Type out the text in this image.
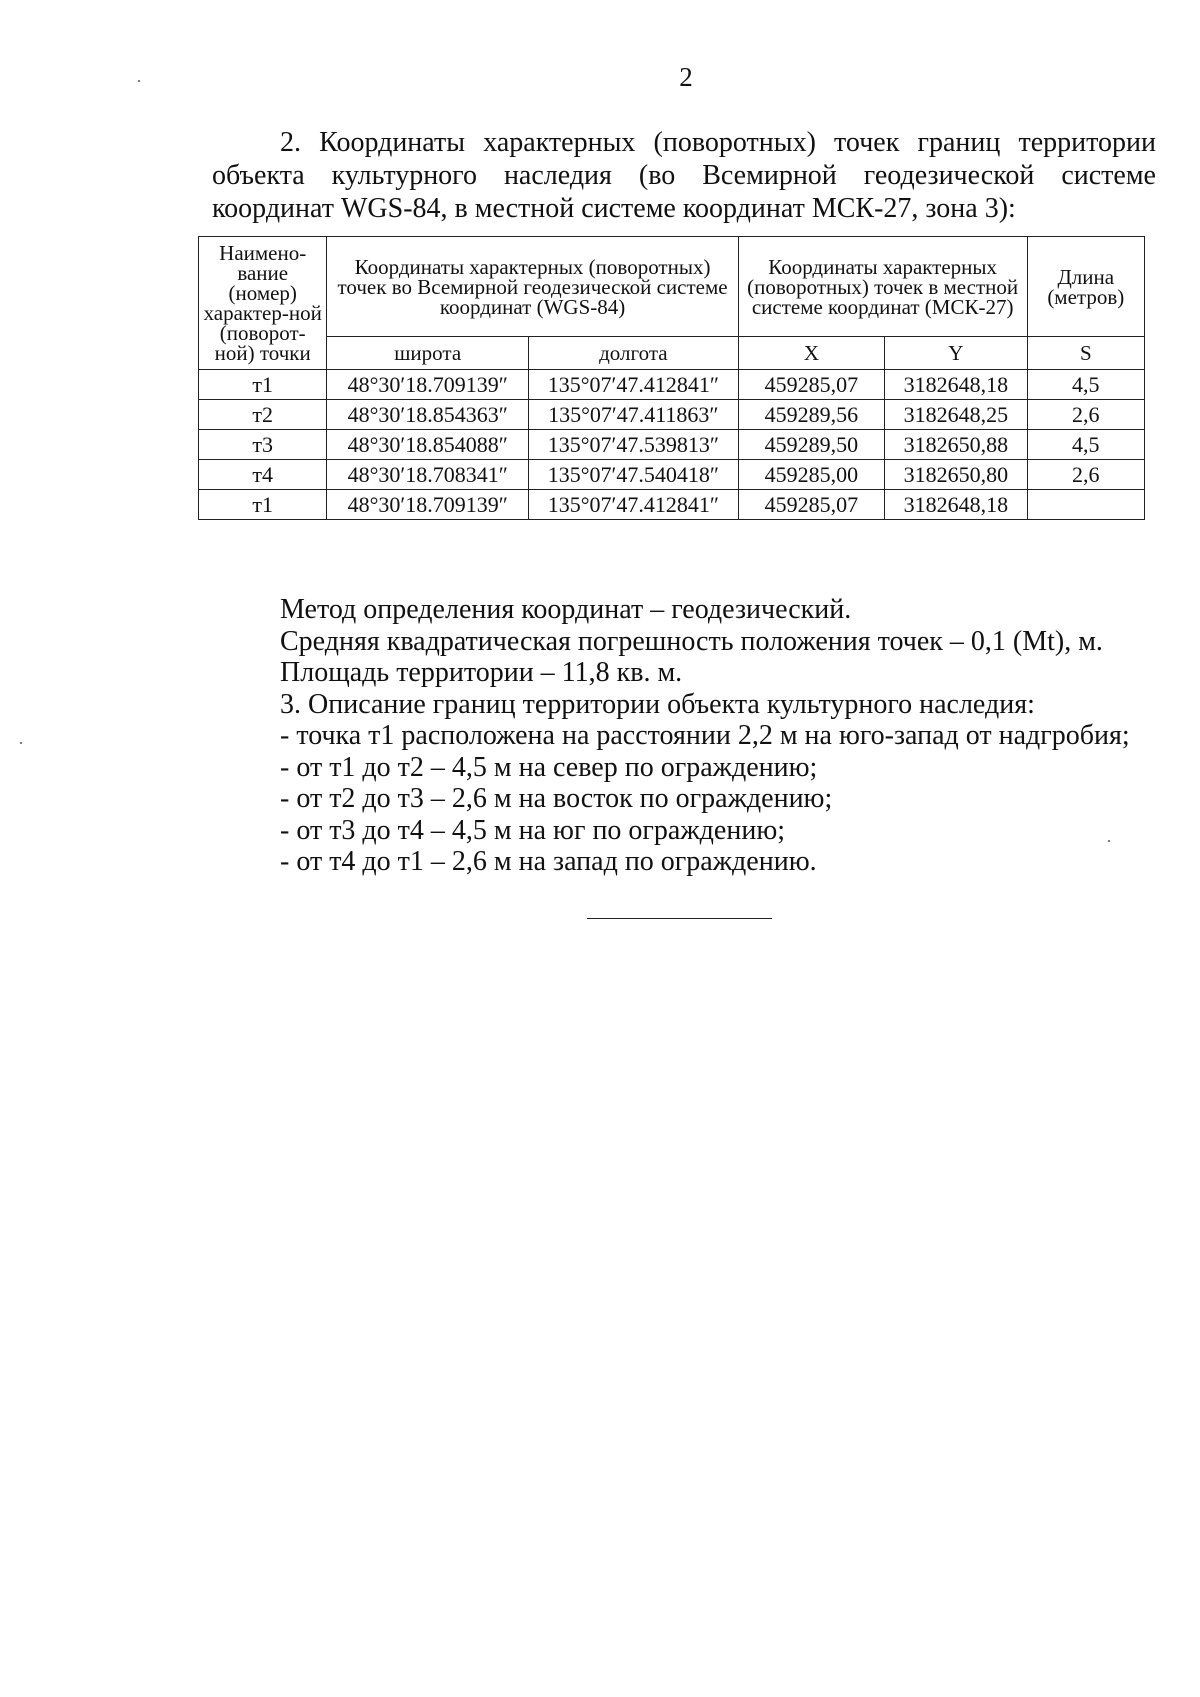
2
2. Координаты характерных (поворотных) точек границ территории объекта культурного наследия (во Всемирной геодезической системе координат WGS-84, в местной системе координат МСК-27, зона 3):
Наимено-вание (номер) характер-ной (поворот-ной) точки	Координаты характерных (поворотных) точек во Всемирной геодезической системе координат (WGS-84)		Координаты характерных (поворотных) точек в местной системе координат (МСК-27)		Длина (метров)
	широта	долгота	X	Y	S
т1	48°30′18.709139″	135°07′47.412841″	459285,07	3182648,18	4,5
т2	48°30′18.854363″	135°07′47.411863″	459289,56	3182648,25	2,6
т3	48°30′18.854088″	135°07′47.539813″	459289,50	3182650,88	4,5
т4	48°30′18.708341″	135°07′47.540418″	459285,00	3182650,80	2,6
т1	48°30′18.709139″	135°07′47.412841″	459285,07	3182648,18	
Метод определения координат – геодезический.
Средняя квадратическая погрешность положения точек – 0,1 (Mt), м.
Площадь территории – 11,8 кв. м.
3. Описание границ территории объекта культурного наследия:
- точка т1 расположена на расстоянии 2,2 м на юго-запад от надгробия;
- от т1 до т2 – 4,5 м на север по ограждению;
- от т2 до т3 – 2,6 м на восток по ограждению;
- от т3 до т4 – 4,5 м на юг по ограждению;
- от т4 до т1 – 2,6 м на запад по ограждению.
